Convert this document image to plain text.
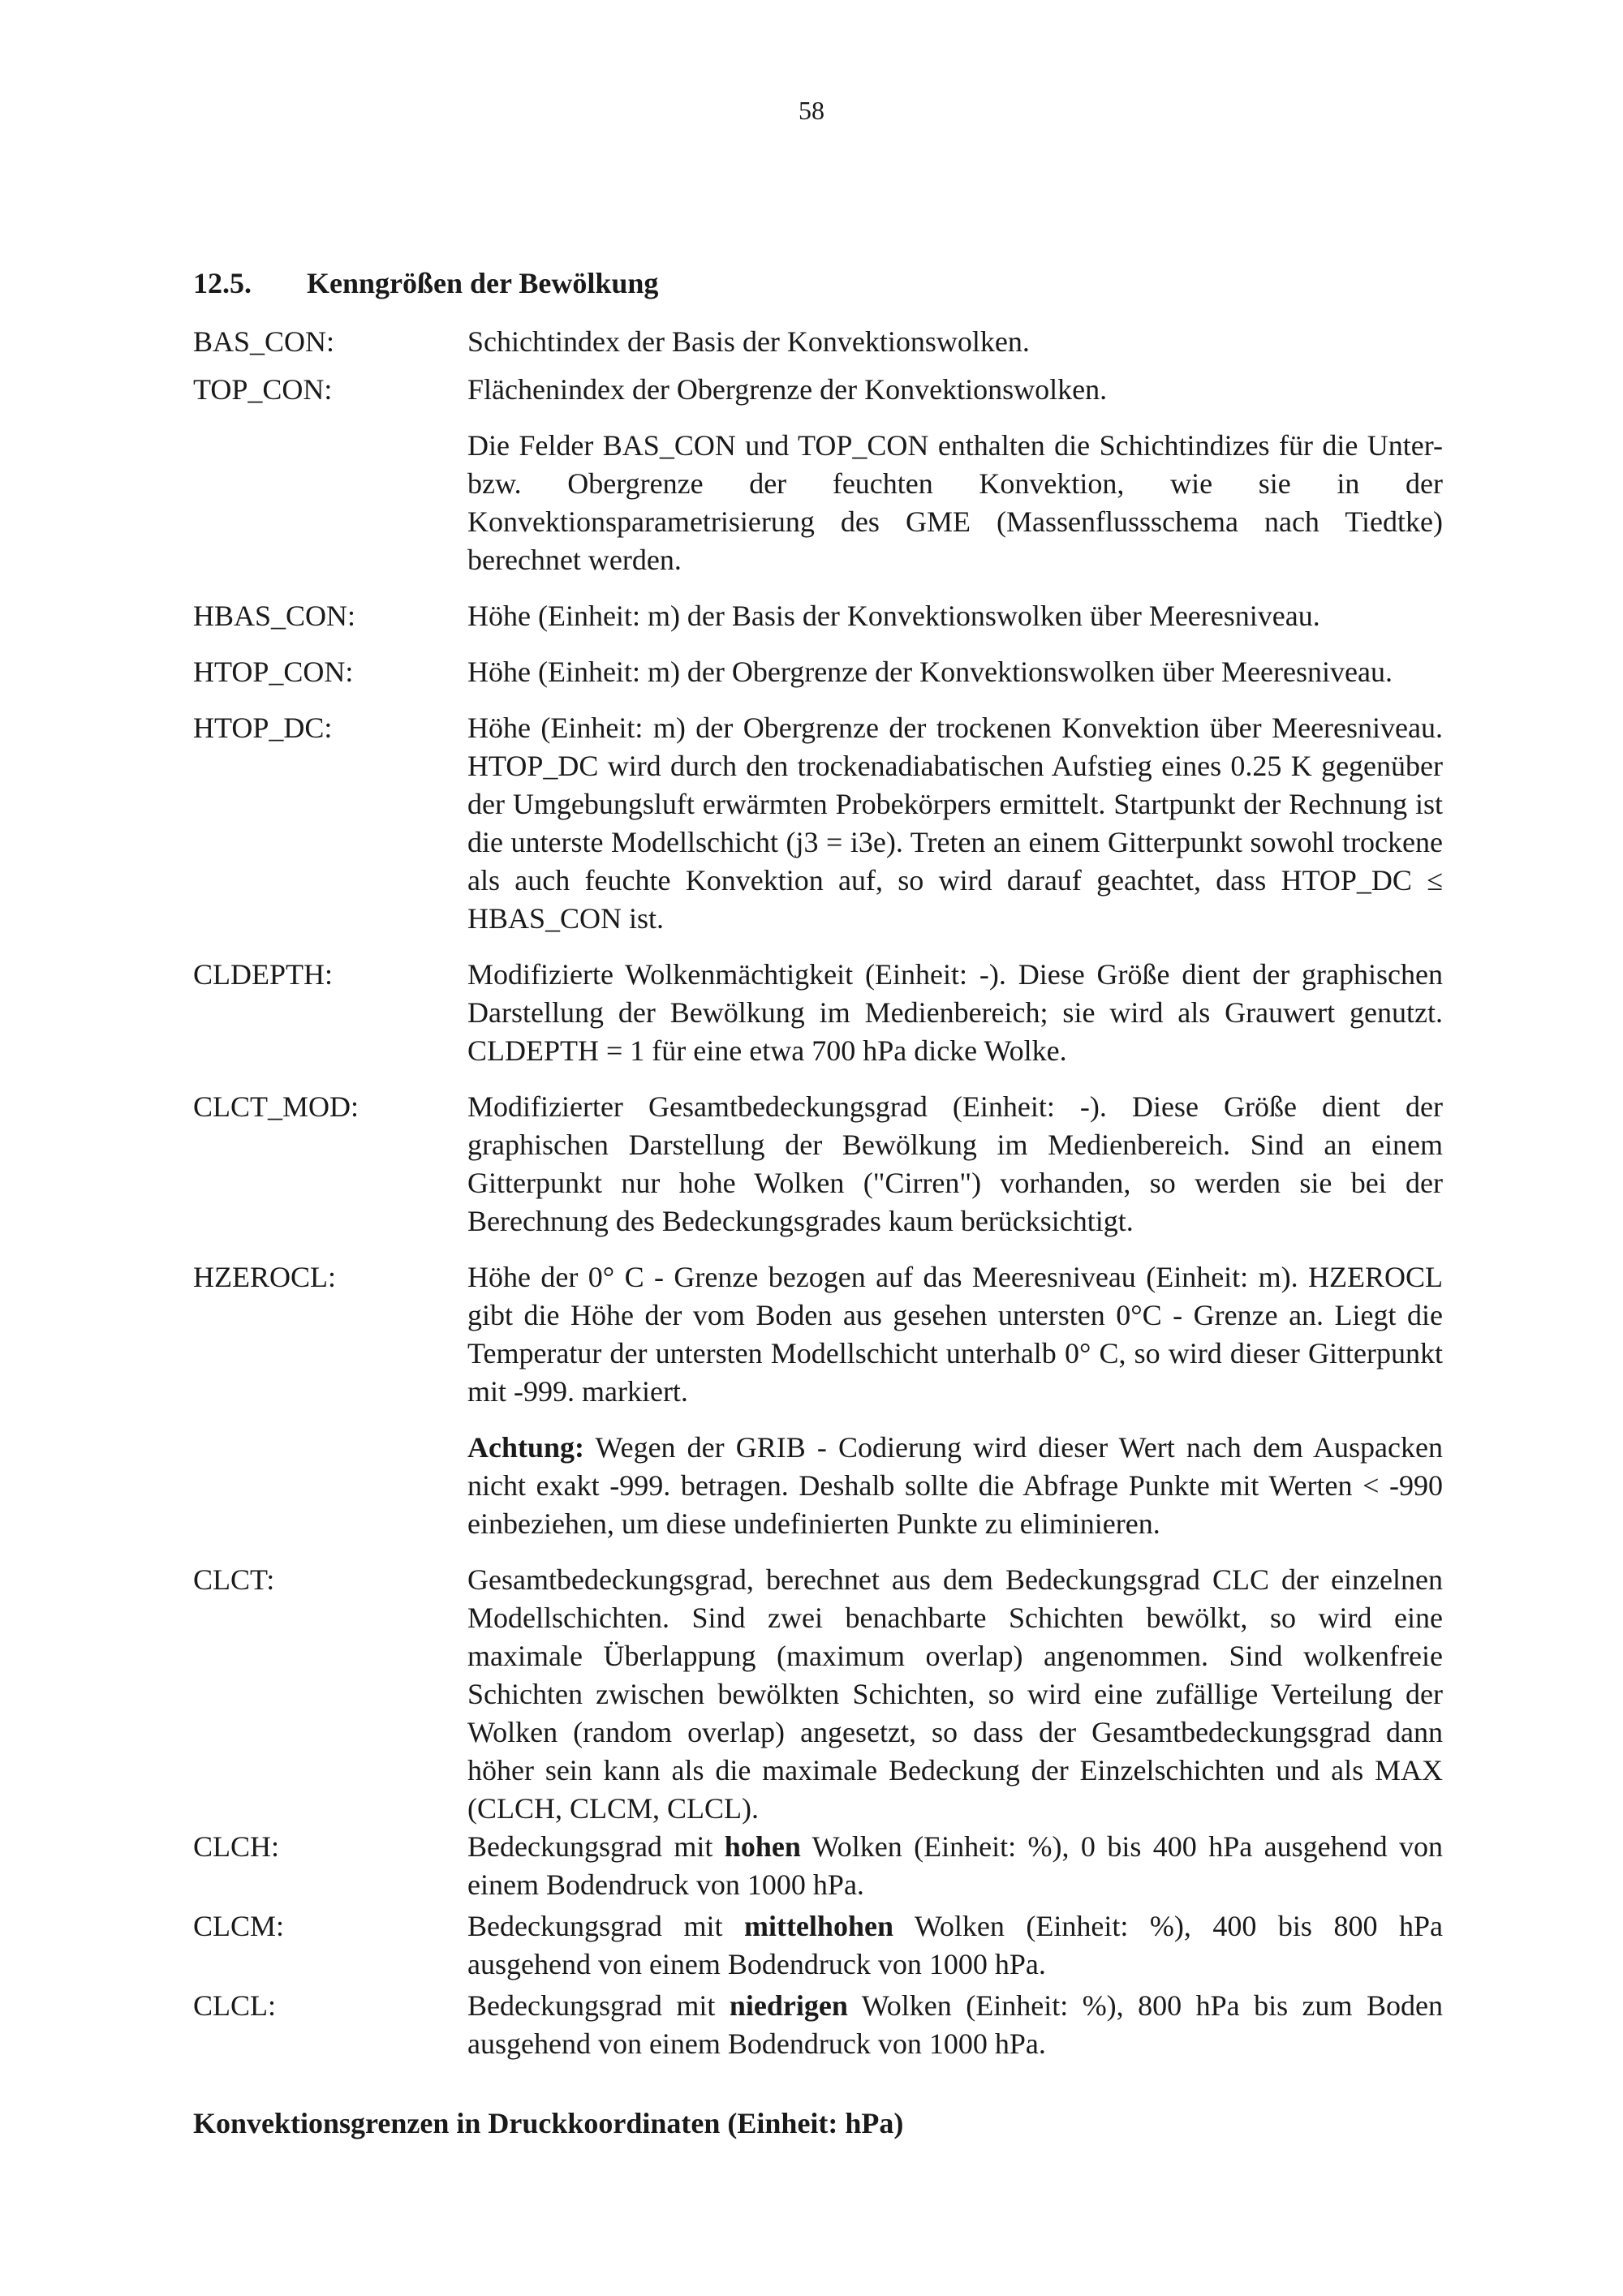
58
12.5. Kenngrößen der Bewölkung
BAS_CON:	Schichtindex der Basis der Konvektionswolken.

TOP_CON:	Flächenindex der Obergrenze der Konvektionswolken.

Die Felder BAS_CON und TOP_CON enthalten die Schichtindizes für die Unter- bzw. Obergrenze der feuchten Konvektion, wie sie in der Konvektionsparametrisierung des GME (Massenflussschema nach Tiedtke) berechnet werden.

HBAS_CON:	Höhe (Einheit: m) der Basis der Konvektionswolken über Meeresniveau.

HTOP_CON:	Höhe (Einheit: m) der Obergrenze der Konvektionswolken über Meeresniveau.

HTOP_DC:	Höhe (Einheit: m) der Obergrenze der trockenen Konvektion über Meeresniveau. HTOP_DC wird durch den trockenadiabatischen Aufstieg eines 0.25 K gegenüber der Umgebungsluft erwärmten Probekörpers ermittelt. Startpunkt der Rechnung ist die unterste Modellschicht (j3 = i3e). Treten an einem Gitterpunkt sowohl trockene als auch feuchte Konvektion auf, so wird darauf geachtet, dass HTOP_DC ≤ HBAS_CON ist.

CLDEPTH:	Modifizierte Wolkenmächtigkeit (Einheit: -). Diese Größe dient der graphischen Darstellung der Bewölkung im Medienbereich; sie wird als Grauwert genutzt. CLDEPTH = 1 für eine etwa 700 hPa dicke Wolke.

CLCT_MOD:	Modifizierter Gesamtbedeckungsgrad (Einheit: -). Diese Größe dient der graphischen Darstellung der Bewölkung im Medienbereich. Sind an einem Gitterpunkt nur hohe Wolken ("Cirren") vorhanden, so werden sie bei der Berechnung des Bedeckungsgrades kaum berücksichtigt.

HZEROCL:	Höhe der 0° C - Grenze bezogen auf das Meeresniveau (Einheit: m). HZEROCL gibt die Höhe der vom Boden aus gesehen untersten 0°C - Grenze an. Liegt die Temperatur der untersten Modellschicht unterhalb 0° C, so wird dieser Gitterpunkt mit -999. markiert.

Achtung: Wegen der GRIB - Codierung wird dieser Wert nach dem Auspacken nicht exakt -999. betragen. Deshalb sollte die Abfrage Punkte mit Werten < -990 einbeziehen, um diese undefinierten Punkte zu eliminieren.

CLCT:	Gesamtbedeckungsgrad, berechnet aus dem Bedeckungsgrad CLC der einzelnen Modellschichten. Sind zwei benachbarte Schichten bewölkt, so wird eine maximale Überlappung (maximum overlap) angenommen. Sind wolkenfreie Schichten zwischen bewölkten Schichten, so wird eine zufällige Verteilung der Wolken (random overlap) angesetzt, so dass der Gesamtbedeckungsgrad dann höher sein kann als die maximale Bedeckung der Einzelschichten und als MAX (CLCH, CLCM, CLCL).

CLCH:	Bedeckungsgrad mit hohen Wolken (Einheit: %), 0 bis 400 hPa ausgehend von einem Bodendruck von 1000 hPa.

CLCM:	Bedeckungsgrad mit mittelhohen Wolken (Einheit: %), 400 bis 800 hPa ausgehend von einem Bodendruck von 1000 hPa.

CLCL:	Bedeckungsgrad mit niedrigen Wolken (Einheit: %), 800 hPa bis zum Boden ausgehend von einem Bodendruck von 1000 hPa.

Konvektionsgrenzen in Druckkoordinaten (Einheit: hPa)
